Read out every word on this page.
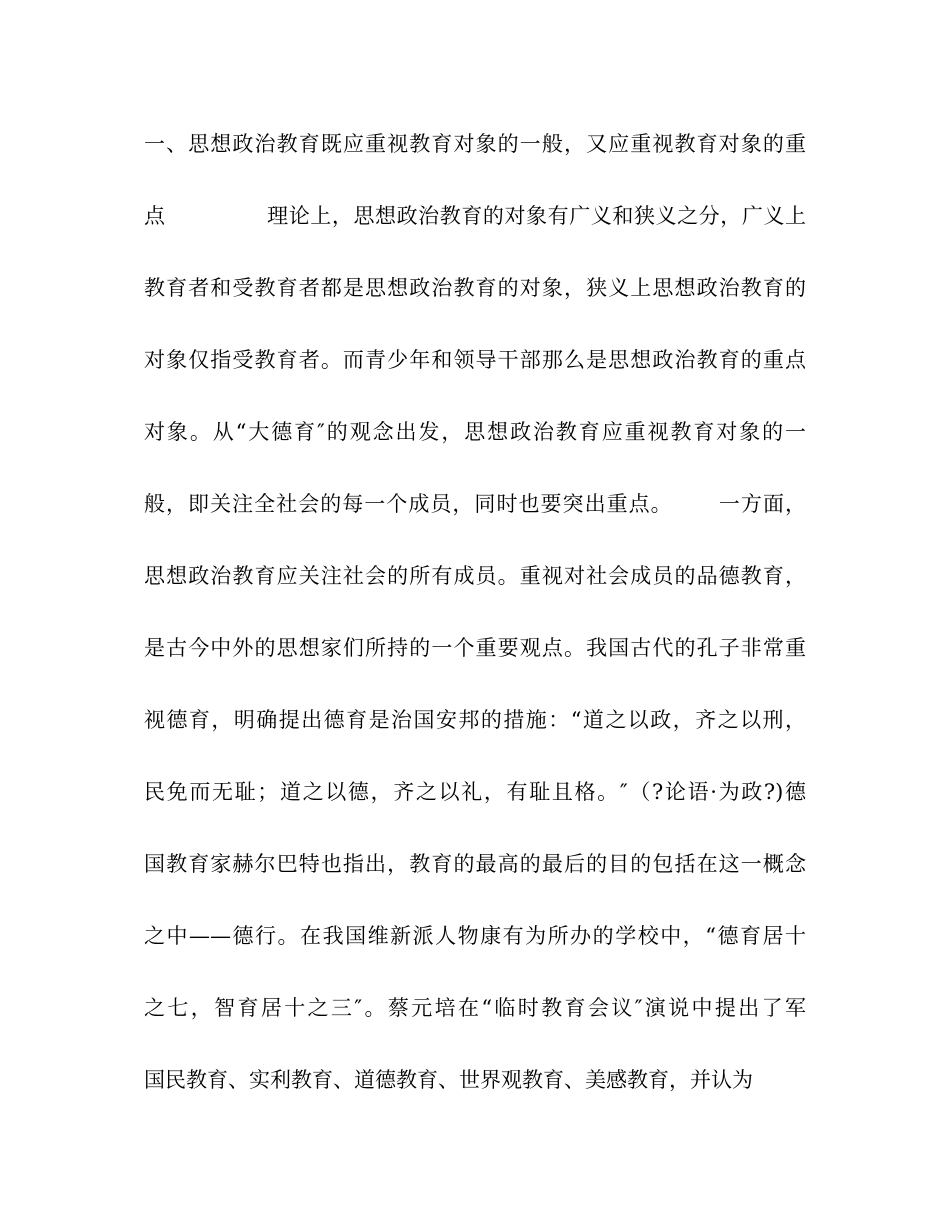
一、思想政治教育既应重视教育对象的一般，又应重视教育对象的重
点              理论上，思想政治教育的对象有广义和狭义之分，广义上
教育者和受教育者都是思想政治教育的对象，狭义上思想政治教育的
对象仅指受教育者。而青少年和领导干部那么是思想政治教育的重点
对象。从“大德育″的观念出发，思想政治教育应重视教育对象的一
般，即关注全社会的每一个成员，同时也要突出重点。      一方面，
思想政治教育应关注社会的所有成员。重视对社会成员的品德教育，
是古今中外的思想家们所持的一个重要观点。我国古代的孔子非常重
视德育，明确提出德育是治国安邦的措施：“道之以政，齐之以刑，
民免而无耻；道之以德，齐之以礼，有耻且格。″（?论语·为政?)德
国教育家赫尔巴特也指出，教育的最高的最后的目的包括在这一概念
之中——德行。在我国维新派人物康有为所办的学校中，“德育居十
之七，智育居十之三″。蔡元培在“临时教育会议″演说中提出了军
国民教育、实利教育、道德教育、世界观教育、美感教育，并认为
